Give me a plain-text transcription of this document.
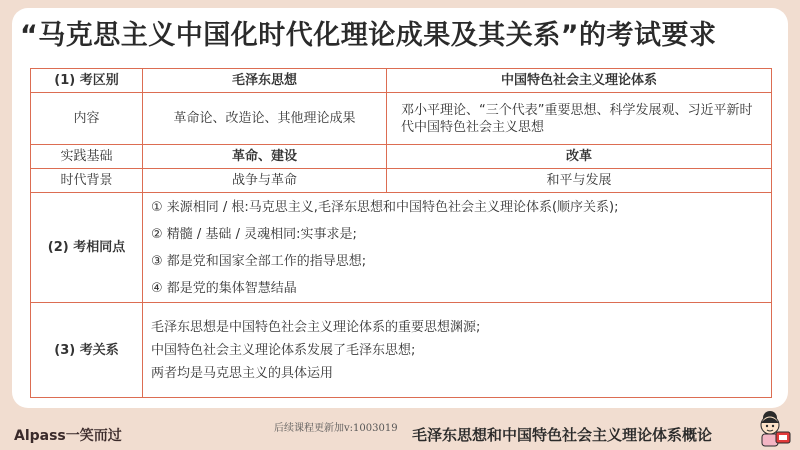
“马克思主义中国化时代化理论成果及其关系”的考试要求
(1) 考区别	毛泽东思想	中国特色社会主义理论体系
内容	革命论、改造论、其他理论成果	邓小平理论、“三个代表”重要思想、科学发展观、习近平新时代中国特色社会主义思想
实践基础	革命、建设	改革
时代背景	战争与革命	和平与发展
(2) 考相同点	① 来源相同 / 根:马克思主义,毛泽东思想和中国特色社会主义理论体系(顺序关系);
② 精髓 / 基础 / 灵魂相同:实事求是;
③ 都是党和国家全部工作的指导思想;
④ 都是党的集体智慧结晶	

(3) 考关系	毛泽东思想是中国特色社会主义理论体系的重要思想渊源;
中国特色社会主义理论体系发展了毛泽东思想;
两者均是马克思主义的具体运用	
Alpass一笑而过	后续课程更新加v:1003019 毛泽东思想和中国特色社会主义理论体系概论
